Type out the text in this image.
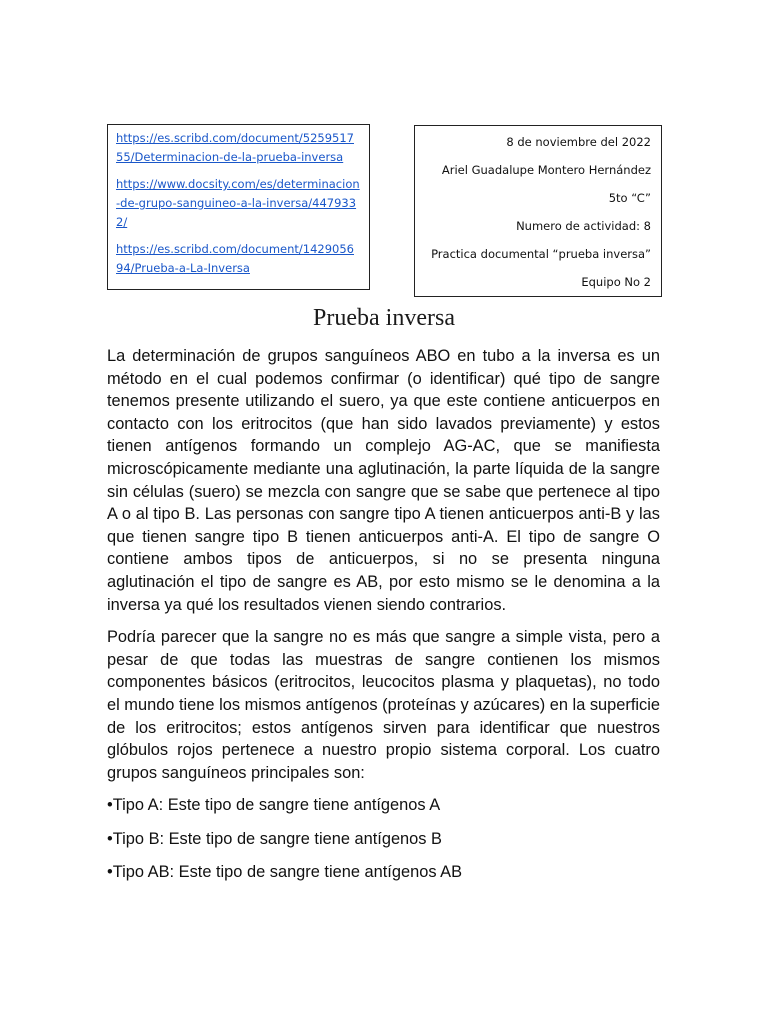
https://es.scribd.com/document/525951755/Determinacion-de-la-prueba-inversa
https://www.docsity.com/es/determinacion-de-grupo-sanguineo-a-la-inversa/4479332/
https://es.scribd.com/document/142905694/Prueba-a-La-Inversa
8 de noviembre del 2022
Ariel Guadalupe Montero Hernández
5to “C”
Numero de actividad: 8
Practica documental “prueba inversa”
Equipo No 2
Prueba inversa

La determinación de grupos sanguíneos ABO en tubo a la inversa es un método en el cual podemos confirmar (o identificar) qué tipo de sangre tenemos presente utilizando el suero, ya que este contiene anticuerpos en contacto con los eritrocitos (que han sido lavados previamente) y estos tienen antígenos formando un complejo AG-AC, que se manifiesta microscópicamente mediante una aglutinación, la parte líquida de la sangre sin células (suero) se mezcla con sangre que se sabe que pertenece al tipo A o al tipo B. Las personas con sangre tipo A tienen anticuerpos anti-B y las que tienen sangre tipo B tienen anticuerpos anti-A. El tipo de sangre O contiene ambos tipos de anticuerpos, si no se presenta ninguna aglutinación el tipo de sangre es AB, por esto mismo se le denomina a la inversa ya qué los resultados vienen siendo contrarios.

Podría parecer que la sangre no es más que sangre a simple vista, pero a pesar de que todas las muestras de sangre contienen los mismos componentes básicos (eritrocitos, leucocitos plasma y plaquetas), no todo el mundo tiene los mismos antígenos (proteínas y azúcares) en la superficie de los eritrocitos; estos antígenos sirven para identificar que nuestros glóbulos rojos pertenece a nuestro propio sistema corporal. Los cuatro grupos sanguíneos principales son:

•Tipo A: Este tipo de sangre tiene antígenos A

•Tipo B: Este tipo de sangre tiene antígenos B

•Tipo AB: Este tipo de sangre tiene antígenos AB
